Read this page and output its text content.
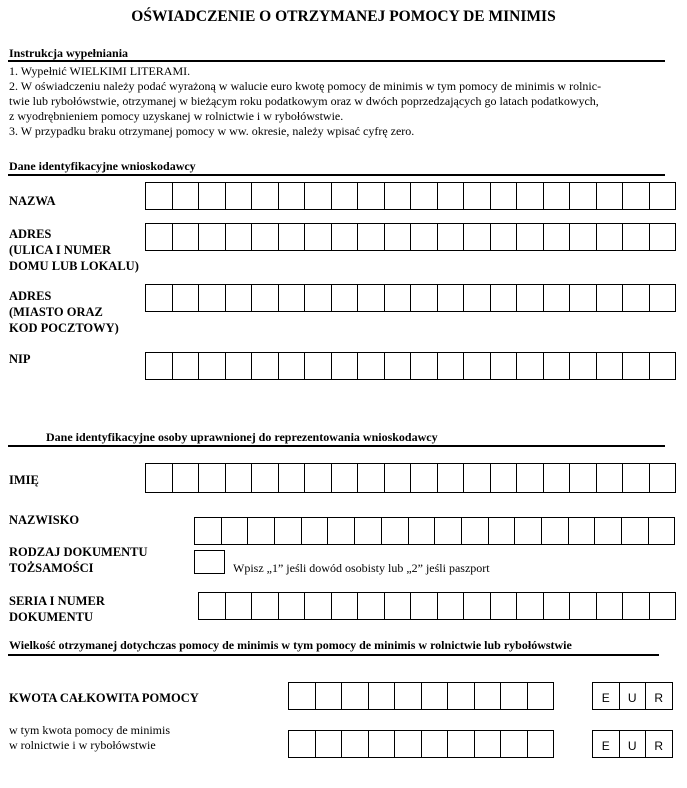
OŚWIADCZENIE O OTRZYMANEJ POMOCY DE MINIMIS
Instrukcja wypełniania
1. Wypełnić WIELKIMI LITERAMI.
2. W oświadczeniu należy podać wyrażoną w walucie euro kwotę pomocy de minimis w tym pomocy de minimis w rolnic-
twie lub rybołówstwie, otrzymanej w bieżącym roku podatkowym oraz w dwóch poprzedzających go latach podatkowych,
z wyodrębnieniem pomocy uzyskanej w rolnictwie i w rybołówstwie.
3. W przypadku braku otrzymanej pomocy w ww. okresie, należy wpisać cyfrę zero.
Dane identyfikacyjne wnioskodawcy
NAZWA
ADRES
(ULICA I NUMER
DOMU LUB LOKALU)
ADRES
(MIASTO ORAZ
KOD POCZTOWY)
NIP
Dane identyfikacyjne osoby uprawnionej do reprezentowania wnioskodawcy
IMIĘ
NAZWISKO
RODZAJ DOKUMENTU
TOŻSAMOŚCI	Wpisz „1” jeśli dowód osobisty lub „2” jeśli paszport
SERIA I NUMER
DOKUMENTU
Wielkość otrzymanej dotychczas pomocy de minimis w tym pomocy de minimis w rolnictwie lub rybołówstwie
KWOTA CAŁKOWITA POMOCY	E	U	R
w tym kwota pomocy de minimis
w rolnictwie i w rybołówstwie	E	U	R
